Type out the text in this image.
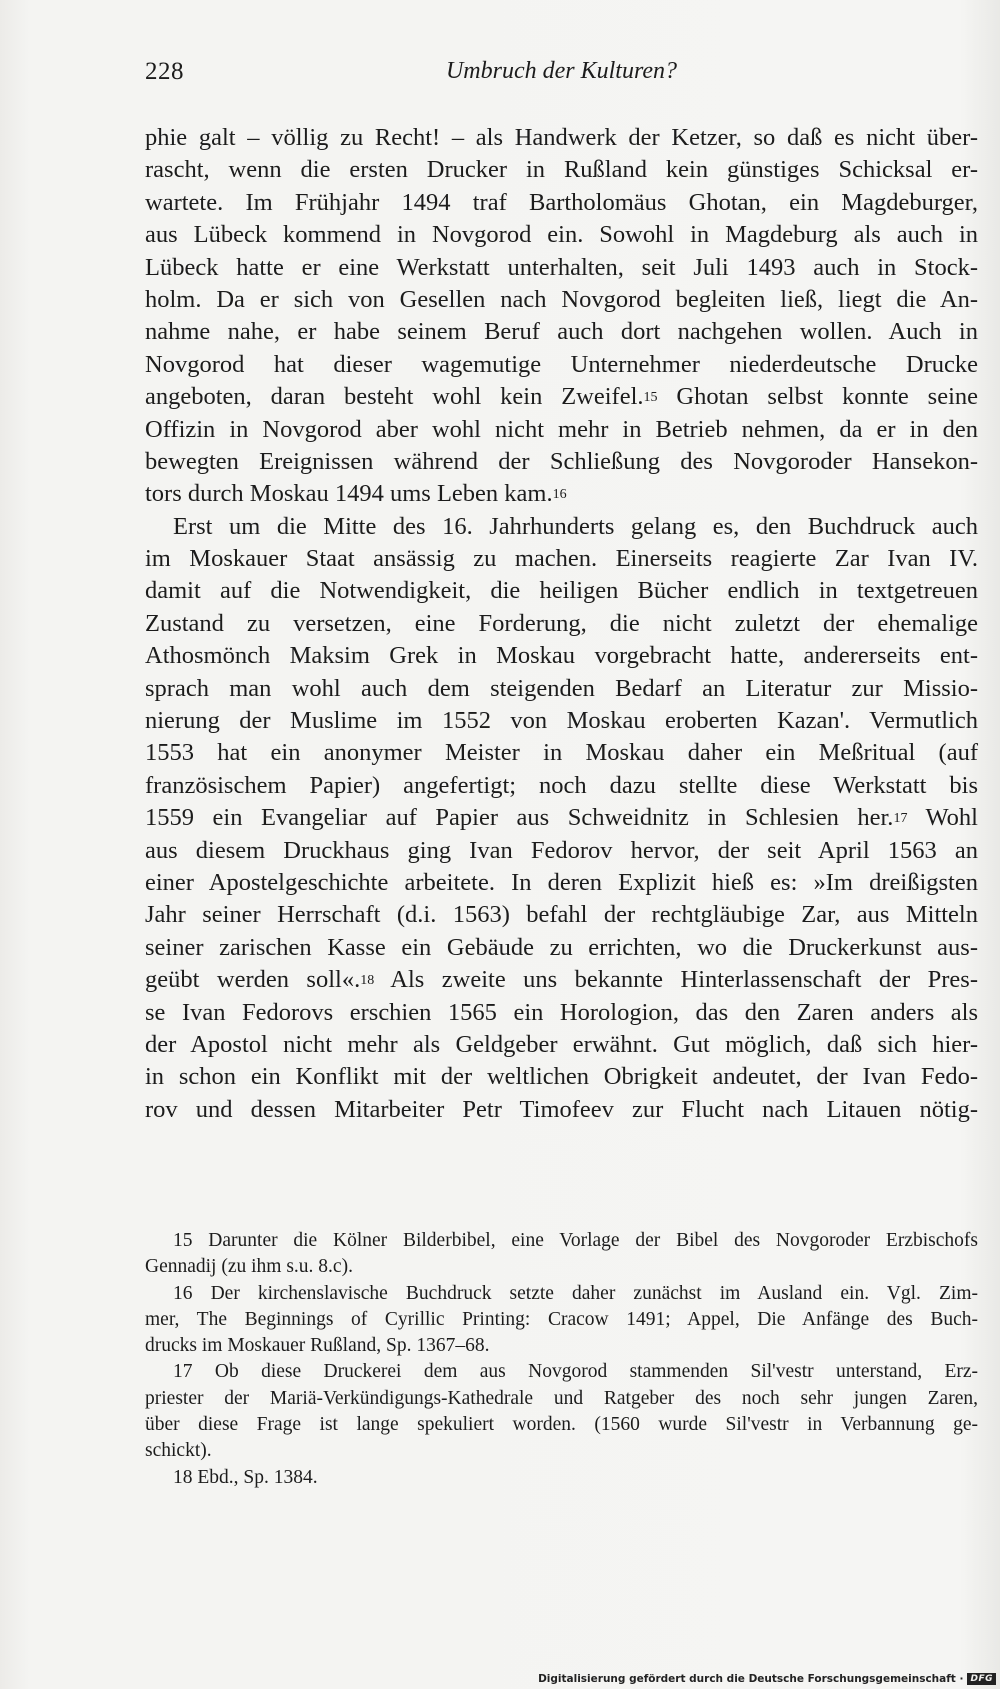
228	Umbruch der Kulturen?
phie galt – völlig zu Recht! – als Handwerk der Ketzer, so daß es nicht über-
rascht, wenn die ersten Drucker in Rußland kein günstiges Schicksal er-
wartete. Im Frühjahr 1494 traf Bartholomäus Ghotan, ein Magdeburger,
aus Lübeck kommend in Novgorod ein. Sowohl in Magdeburg als auch in
Lübeck hatte er eine Werkstatt unterhalten, seit Juli 1493 auch in Stock-
holm. Da er sich von Gesellen nach Novgorod begleiten ließ, liegt die An-
nahme nahe, er habe seinem Beruf auch dort nachgehen wollen. Auch in
Novgorod hat dieser wagemutige Unternehmer niederdeutsche Drucke
angeboten, daran besteht wohl kein Zweifel.$^{15}$ Ghotan selbst konnte seine
Offizin in Novgorod aber wohl nicht mehr in Betrieb nehmen, da er in den
bewegten Ereignissen während der Schließung des Novgoroder Hansekon-
tors durch Moskau 1494 ums Leben kam.$^{16}$
Erst um die Mitte des 16. Jahrhunderts gelang es, den Buchdruck auch
im Moskauer Staat ansässig zu machen. Einerseits reagierte Zar Ivan IV.
damit auf die Notwendigkeit, die heiligen Bücher endlich in textgetreuen
Zustand zu versetzen, eine Forderung, die nicht zuletzt der ehemalige
Athosmönch Maksim Grek in Moskau vorgebracht hatte, andererseits ent-
sprach man wohl auch dem steigenden Bedarf an Literatur zur Missio-
nierung der Muslime im 1552 von Moskau eroberten Kazan'. Vermutlich
1553 hat ein anonymer Meister in Moskau daher ein Meßritual (auf
französischem Papier) angefertigt; noch dazu stellte diese Werkstatt bis
1559 ein Evangeliar auf Papier aus Schweidnitz in Schlesien her.$^{17}$ Wohl
aus diesem Druckhaus ging Ivan Fedorov hervor, der seit April 1563 an
einer Apostelgeschichte arbeitete. In deren Explizit hieß es: »Im dreißigsten
Jahr seiner Herrschaft (d.i. 1563) befahl der rechtgläubige Zar, aus Mitteln
seiner zarischen Kasse ein Gebäude zu errichten, wo die Druckerkunst aus-
geübt werden soll«.$^{18}$ Als zweite uns bekannte Hinterlassenschaft der Pres-
se Ivan Fedorovs erschien 1565 ein Horologion, das den Zaren anders als
der Apostol nicht mehr als Geldgeber erwähnt. Gut möglich, daß sich hier-
in schon ein Konflikt mit der weltlichen Obrigkeit andeutet, der Ivan Fedo-
rov und dessen Mitarbeiter Petr Timofeev zur Flucht nach Litauen nötig-
15 Darunter die Kölner Bilderbibel, eine Vorlage der Bibel des Novgoroder Erzbischofs
Gennadij (zu ihm s.u. 8.c).
16 Der kirchenslavische Buchdruck setzte daher zunächst im Ausland ein. Vgl. Zim-
mer, The Beginnings of Cyrillic Printing: Cracow 1491; Appel, Die Anfänge des Buch-
drucks im Moskauer Rußland, Sp. 1367–68.
17 Ob diese Druckerei dem aus Novgorod stammenden Sil'vestr unterstand, Erz-
priester der Mariä-Verkündigungs-Kathedrale und Ratgeber des noch sehr jungen Zaren,
über diese Frage ist lange spekuliert worden. (1560 wurde Sil'vestr in Verbannung ge-
schickt).
18 Ebd., Sp. 1384.
Digitalisierung gefördert durch die Deutsche Forschungsgemeinschaft · DFG
